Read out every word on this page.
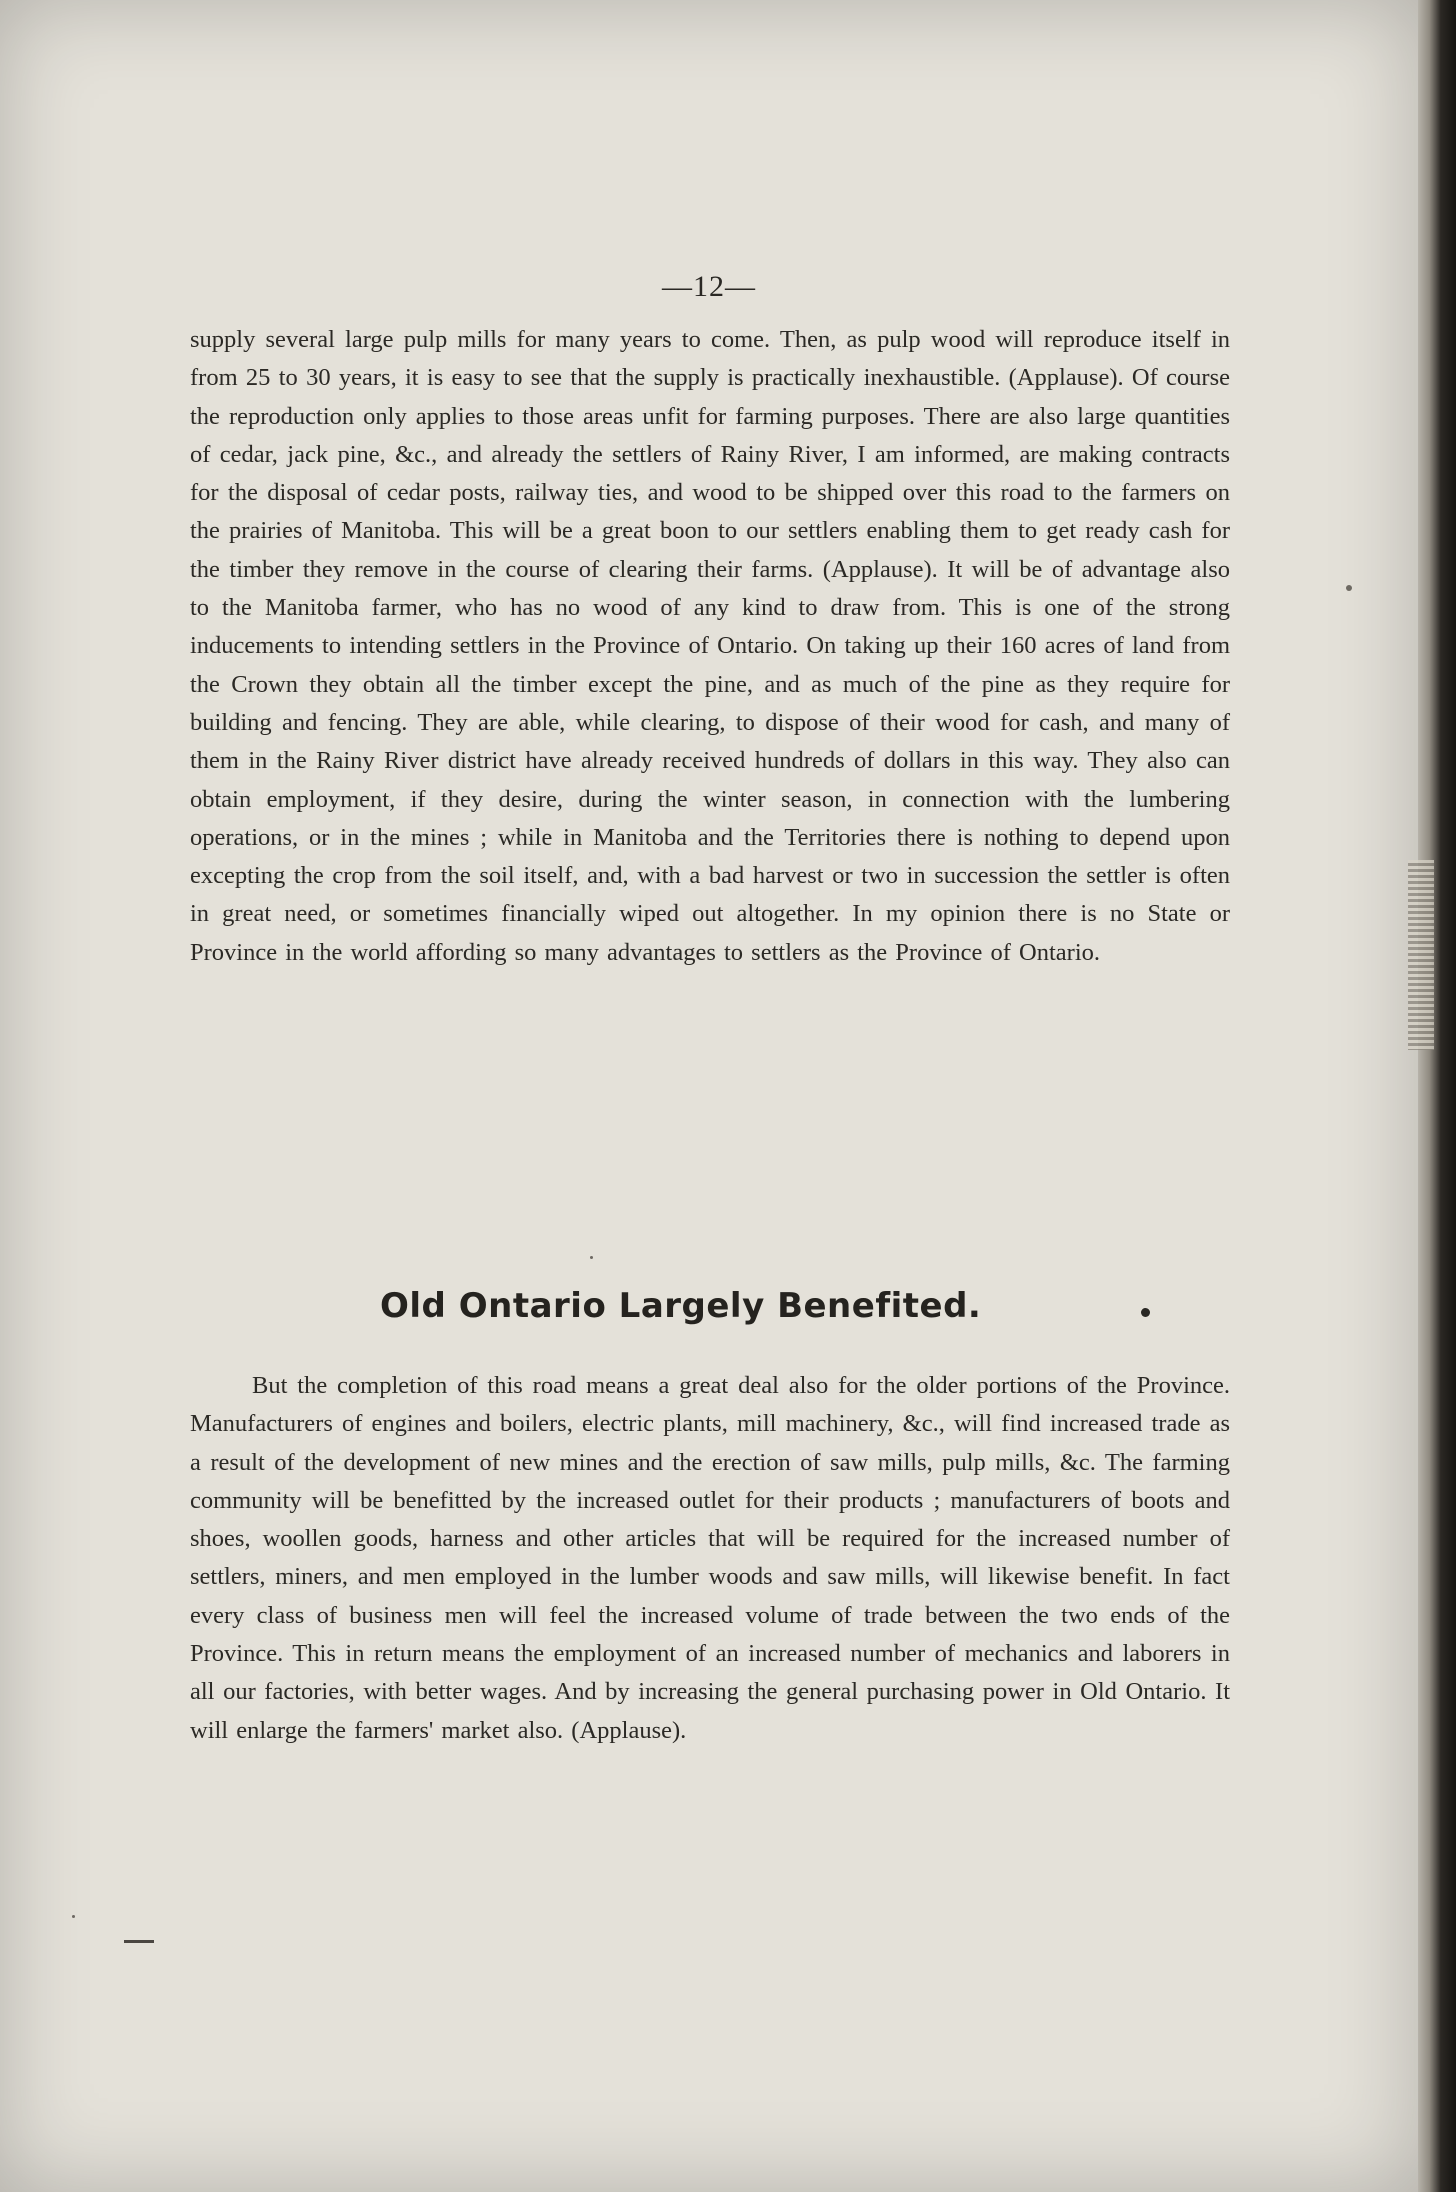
—12—
supply several large pulp mills for many years to come. Then, as pulp wood will reproduce itself in from 25 to 30 years, it is easy to see that the supply is practically inexhaustible. (Applause). Of course the reproduction only applies to those areas unfit for farming purposes. There are also large quantities of cedar, jack pine, &c., and already the settlers of Rainy River, I am informed, are making contracts for the disposal of cedar posts, railway ties, and wood to be shipped over this road to the farmers on the prairies of Manitoba. This will be a great boon to our settlers enabling them to get ready cash for the timber they remove in the course of clearing their farms. (Applause). It will be of advantage also to the Manitoba farmer, who has no wood of any kind to draw from. This is one of the strong inducements to intending settlers in the Province of Ontario. On taking up their 160 acres of land from the Crown they obtain all the timber except the pine, and as much of the pine as they require for building and fencing. They are able, while clearing, to dispose of their wood for cash, and many of them in the Rainy River district have already received hundreds of dollars in this way. They also can obtain employment, if they desire, during the winter season, in connection with the lumbering operations, or in the mines ; while in Manitoba and the Territories there is nothing to depend upon excepting the crop from the soil itself, and, with a bad harvest or two in succession the settler is often in great need, or sometimes financially wiped out altogether. In my opinion there is no State or Province in the world affording so many advantages to settlers as the Province of Ontario.
Old Ontario Largely Benefited.
But the completion of this road means a great deal also for the older portions of the Province. Manufacturers of engines and boilers, electric plants, mill machinery, &c., will find increased trade as a result of the development of new mines and the erection of saw mills, pulp mills, &c. The farming community will be benefitted by the increased outlet for their products ; manufacturers of boots and shoes, woollen goods, harness and other articles that will be required for the increased number of settlers, miners, and men employed in the lumber woods and saw mills, will likewise benefit. In fact every class of business men will feel the increased volume of trade between the two ends of the Province. This in return means the employment of an increased number of mechanics and laborers in all our factories, with better wages. And by increasing the general purchasing power in Old Ontario. It will enlarge the farmers' market also. (Applause).
